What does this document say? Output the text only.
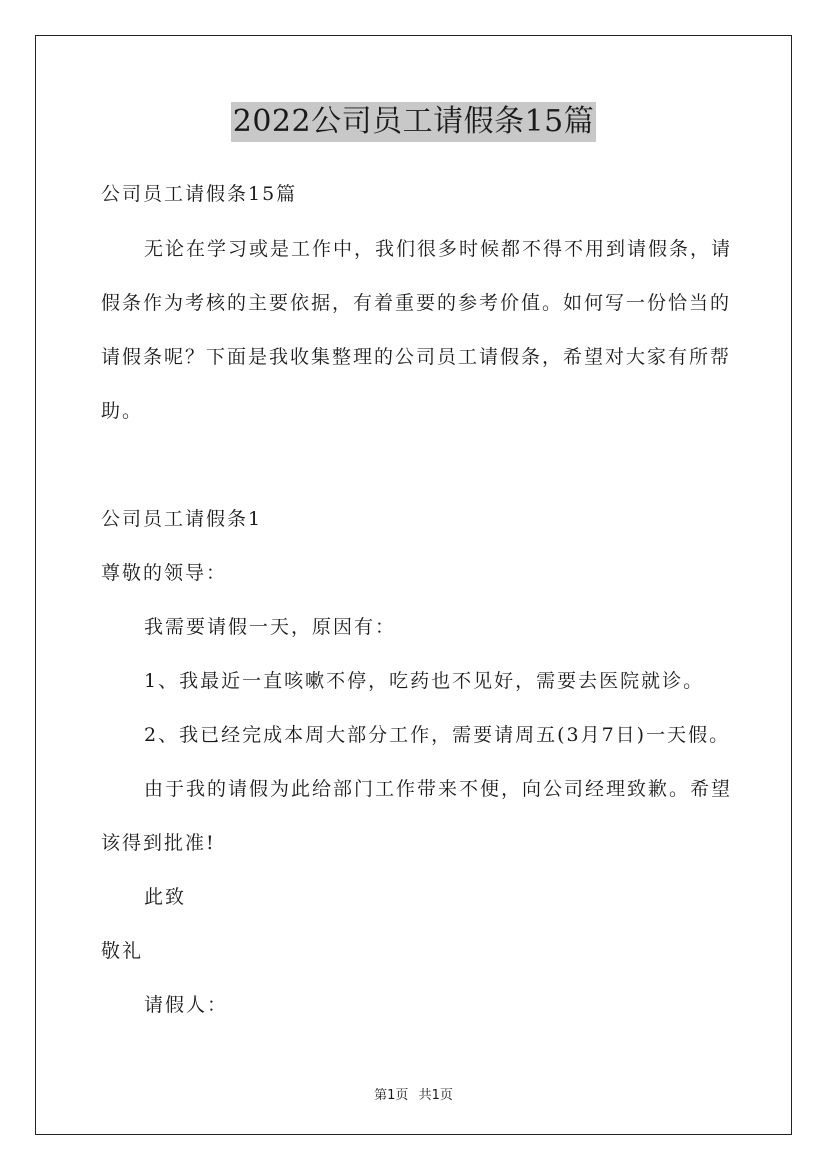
2022公司员工请假条15篇
公司员工请假条15篇
无论在学习或是工作中，我们很多时候都不得不用到请假条，请
假条作为考核的主要依据，有着重要的参考价值。如何写一份恰当的
请假条呢？下面是我收集整理的公司员工请假条，希望对大家有所帮
助。
公司员工请假条1
尊敬的领导：
我需要请假一天，原因有：
1、我最近一直咳嗽不停，吃药也不见好，需要去医院就诊。
2、我已经完成本周大部分工作，需要请周五(3月7日)一天假。
由于我的请假为此给部门工作带来不便，向公司经理致歉。希望
该得到批准!
此致
敬礼
请假人：
第1页 共1页
